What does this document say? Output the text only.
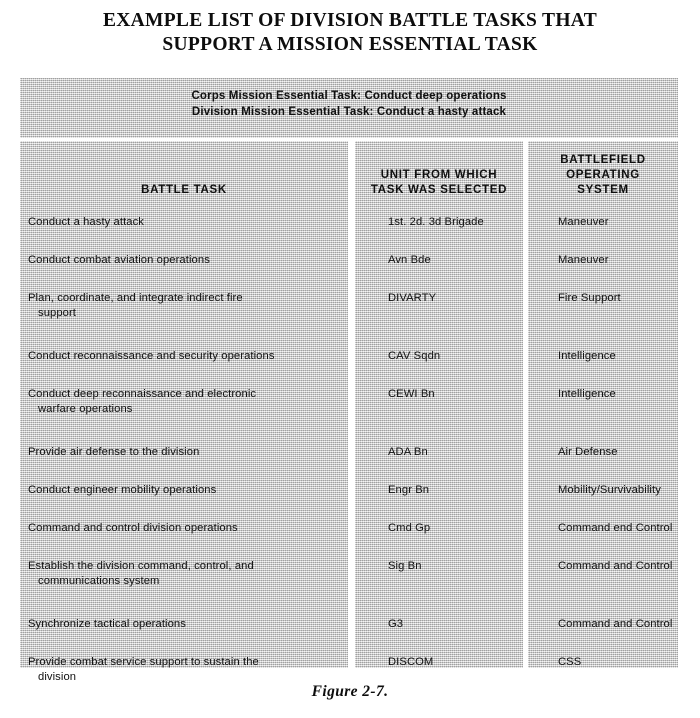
EXAMPLE LIST OF DIVISION BATTLE TASKS THAT
SUPPORT A MISSION ESSENTIAL TASK
Corps Mission Essential Task: Conduct deep operations
Division Mission Essential Task: Conduct a hasty attack
BATTLE TASK
Conduct a hasty attack
Conduct combat aviation operations
Plan, coordinate, and integrate indirect fire
support
Conduct reconnaissance and security operations
Conduct deep reconnaissance and electronic
warfare operations
Provide air defense to the division
Conduct engineer mobility operations
Command and control division operations
Establish the division command, control, and
communications system
Synchronize tactical operations
Provide combat service support to sustain the
division
UNIT FROM WHICH
TASK WAS SELECTED
1st. 2d. 3d Brigade
Avn Bde
DIVARTY
CAV Sqdn
CEWI Bn
ADA Bn
Engr Bn
Cmd Gp
Sig Bn
G3
DISCOM
BATTLEFIELD
OPERATING
SYSTEM
Maneuver
Maneuver
Fire Support
Intelligence
Intelligence
Air Defense
Mobility/Survivability
Command end Control
Command and Control
Command and Control
CSS
Figure 2-7.
